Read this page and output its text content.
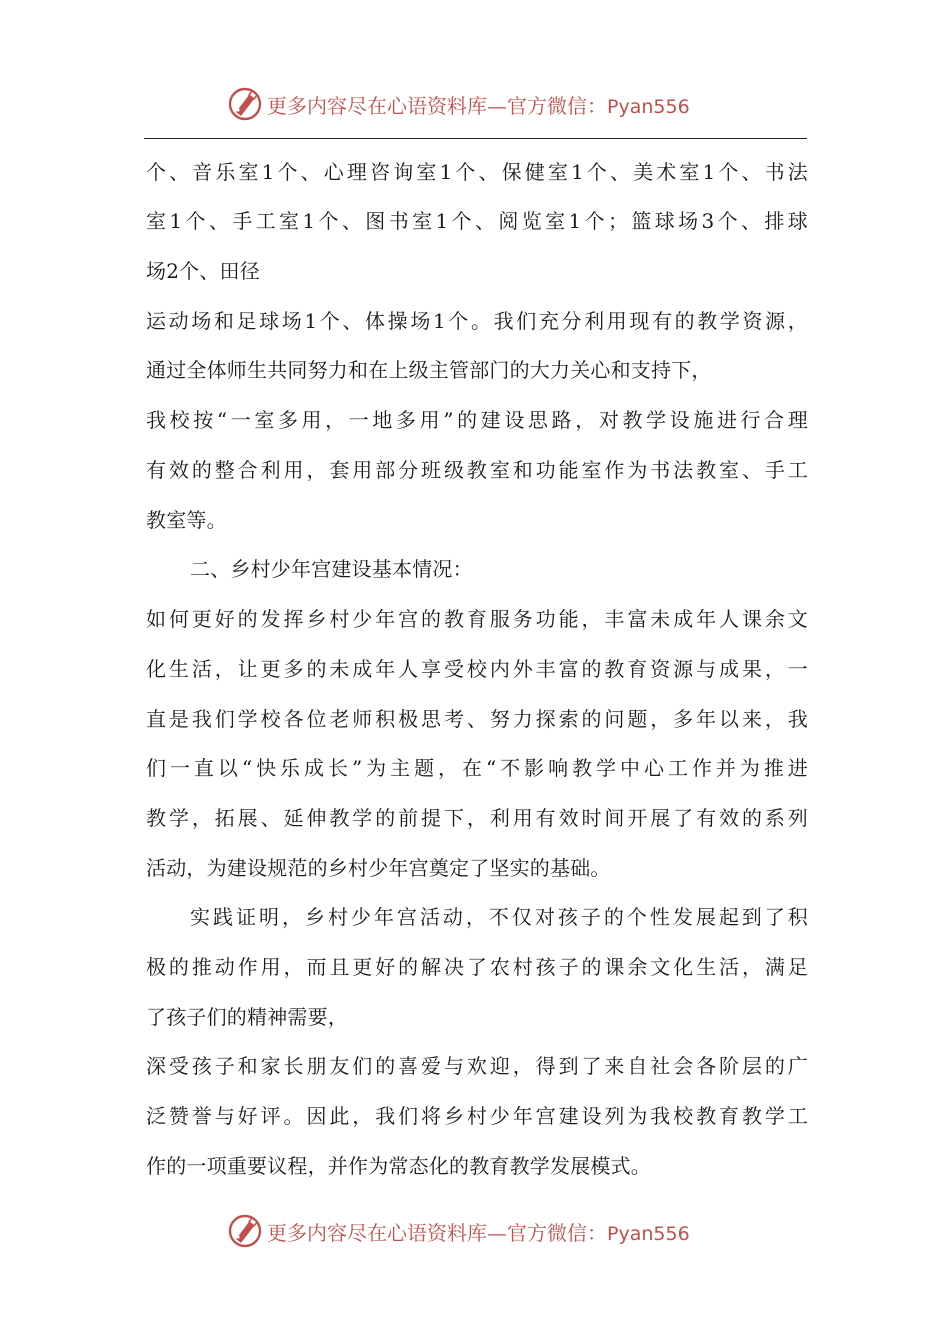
更多内容尽在心语资料库—官方微信：Pyan556
个、音乐室1个、心理咨询室1个、保健室1个、美术室1个、书法
室1个、手工室1个、图书室1个、阅览室1个；篮球场3个、排球
场2个、田径
运动场和足球场1个、体操场1个。我们充分利用现有的教学资源，
通过全体师生共同努力和在上级主管部门的大力关心和支持下，
我校按“一室多用，一地多用”的建设思路，对教学设施进行合理
有效的整合利用，套用部分班级教室和功能室作为书法教室、手工
教室等。
二、乡村少年宫建设基本情况：
如何更好的发挥乡村少年宫的教育服务功能，丰富未成年人课余文
化生活，让更多的未成年人享受校内外丰富的教育资源与成果，一
直是我们学校各位老师积极思考、努力探索的问题，多年以来，我
们一直以“快乐成长”为主题，在“不影响教学中心工作并为推进
教学，拓展、延伸教学的前提下，利用有效时间开展了有效的系列
活动，为建设规范的乡村少年宫奠定了坚实的基础。
实践证明，乡村少年宫活动，不仅对孩子的个性发展起到了积
极的推动作用，而且更好的解决了农村孩子的课余文化生活，满足
了孩子们的精神需要，
深受孩子和家长朋友们的喜爱与欢迎，得到了来自社会各阶层的广
泛赞誉与好评。因此，我们将乡村少年宫建设列为我校教育教学工
作的一项重要议程，并作为常态化的教育教学发展模式。
更多内容尽在心语资料库—官方微信：Pyan556
